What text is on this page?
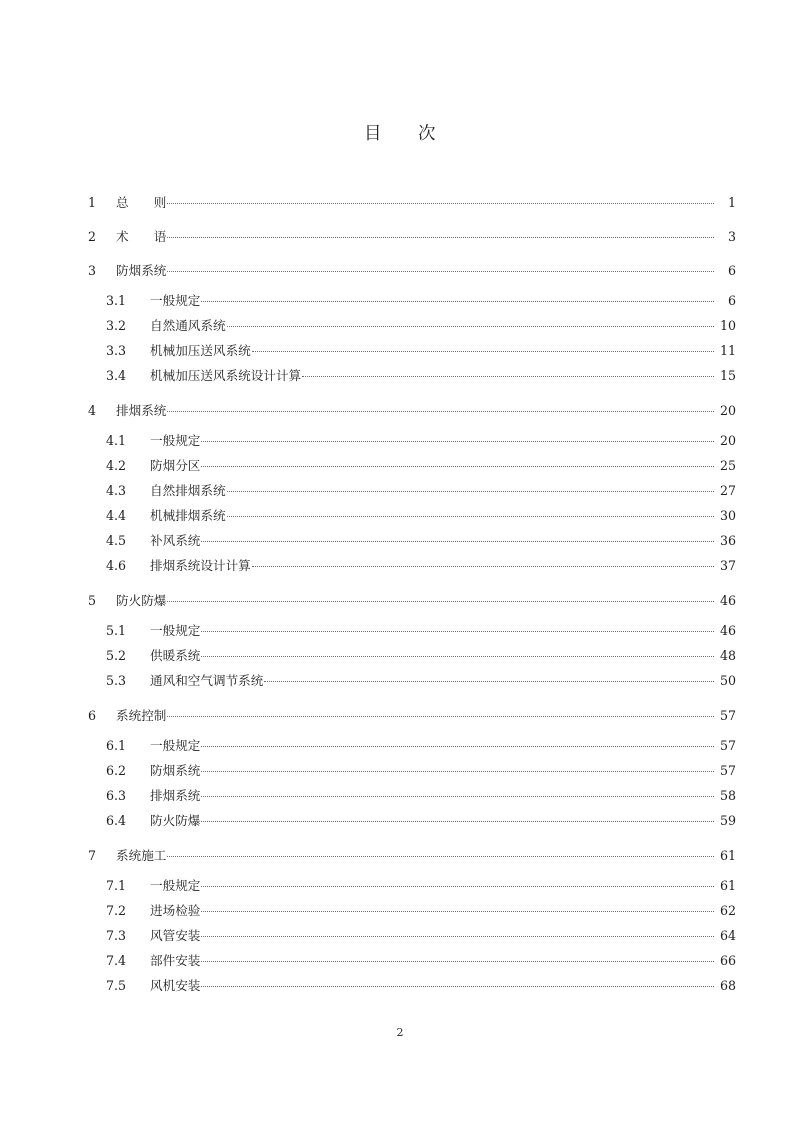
目　　次
1	总　　则	1
2	术　　语	3
3	防烟系统	6
3.1	一般规定	6
3.2	自然通风系统	10
3.3	机械加压送风系统	11
3.4	机械加压送风系统设计计算	15
4	排烟系统	20
4.1	一般规定	20
4.2	防烟分区	25
4.3	自然排烟系统	27
4.4	机械排烟系统	30
4.5	补风系统	36
4.6	排烟系统设计计算	37
5	防火防爆	46
5.1	一般规定	46
5.2	供暖系统	48
5.3	通风和空气调节系统	50
6	系统控制	57
6.1	一般规定	57
6.2	防烟系统	57
6.3	排烟系统	58
6.4	防火防爆	59
7	系统施工	61
7.1	一般规定	61
7.2	进场检验	62
7.3	风管安装	64
7.4	部件安装	66
7.5	风机安装	68
2
